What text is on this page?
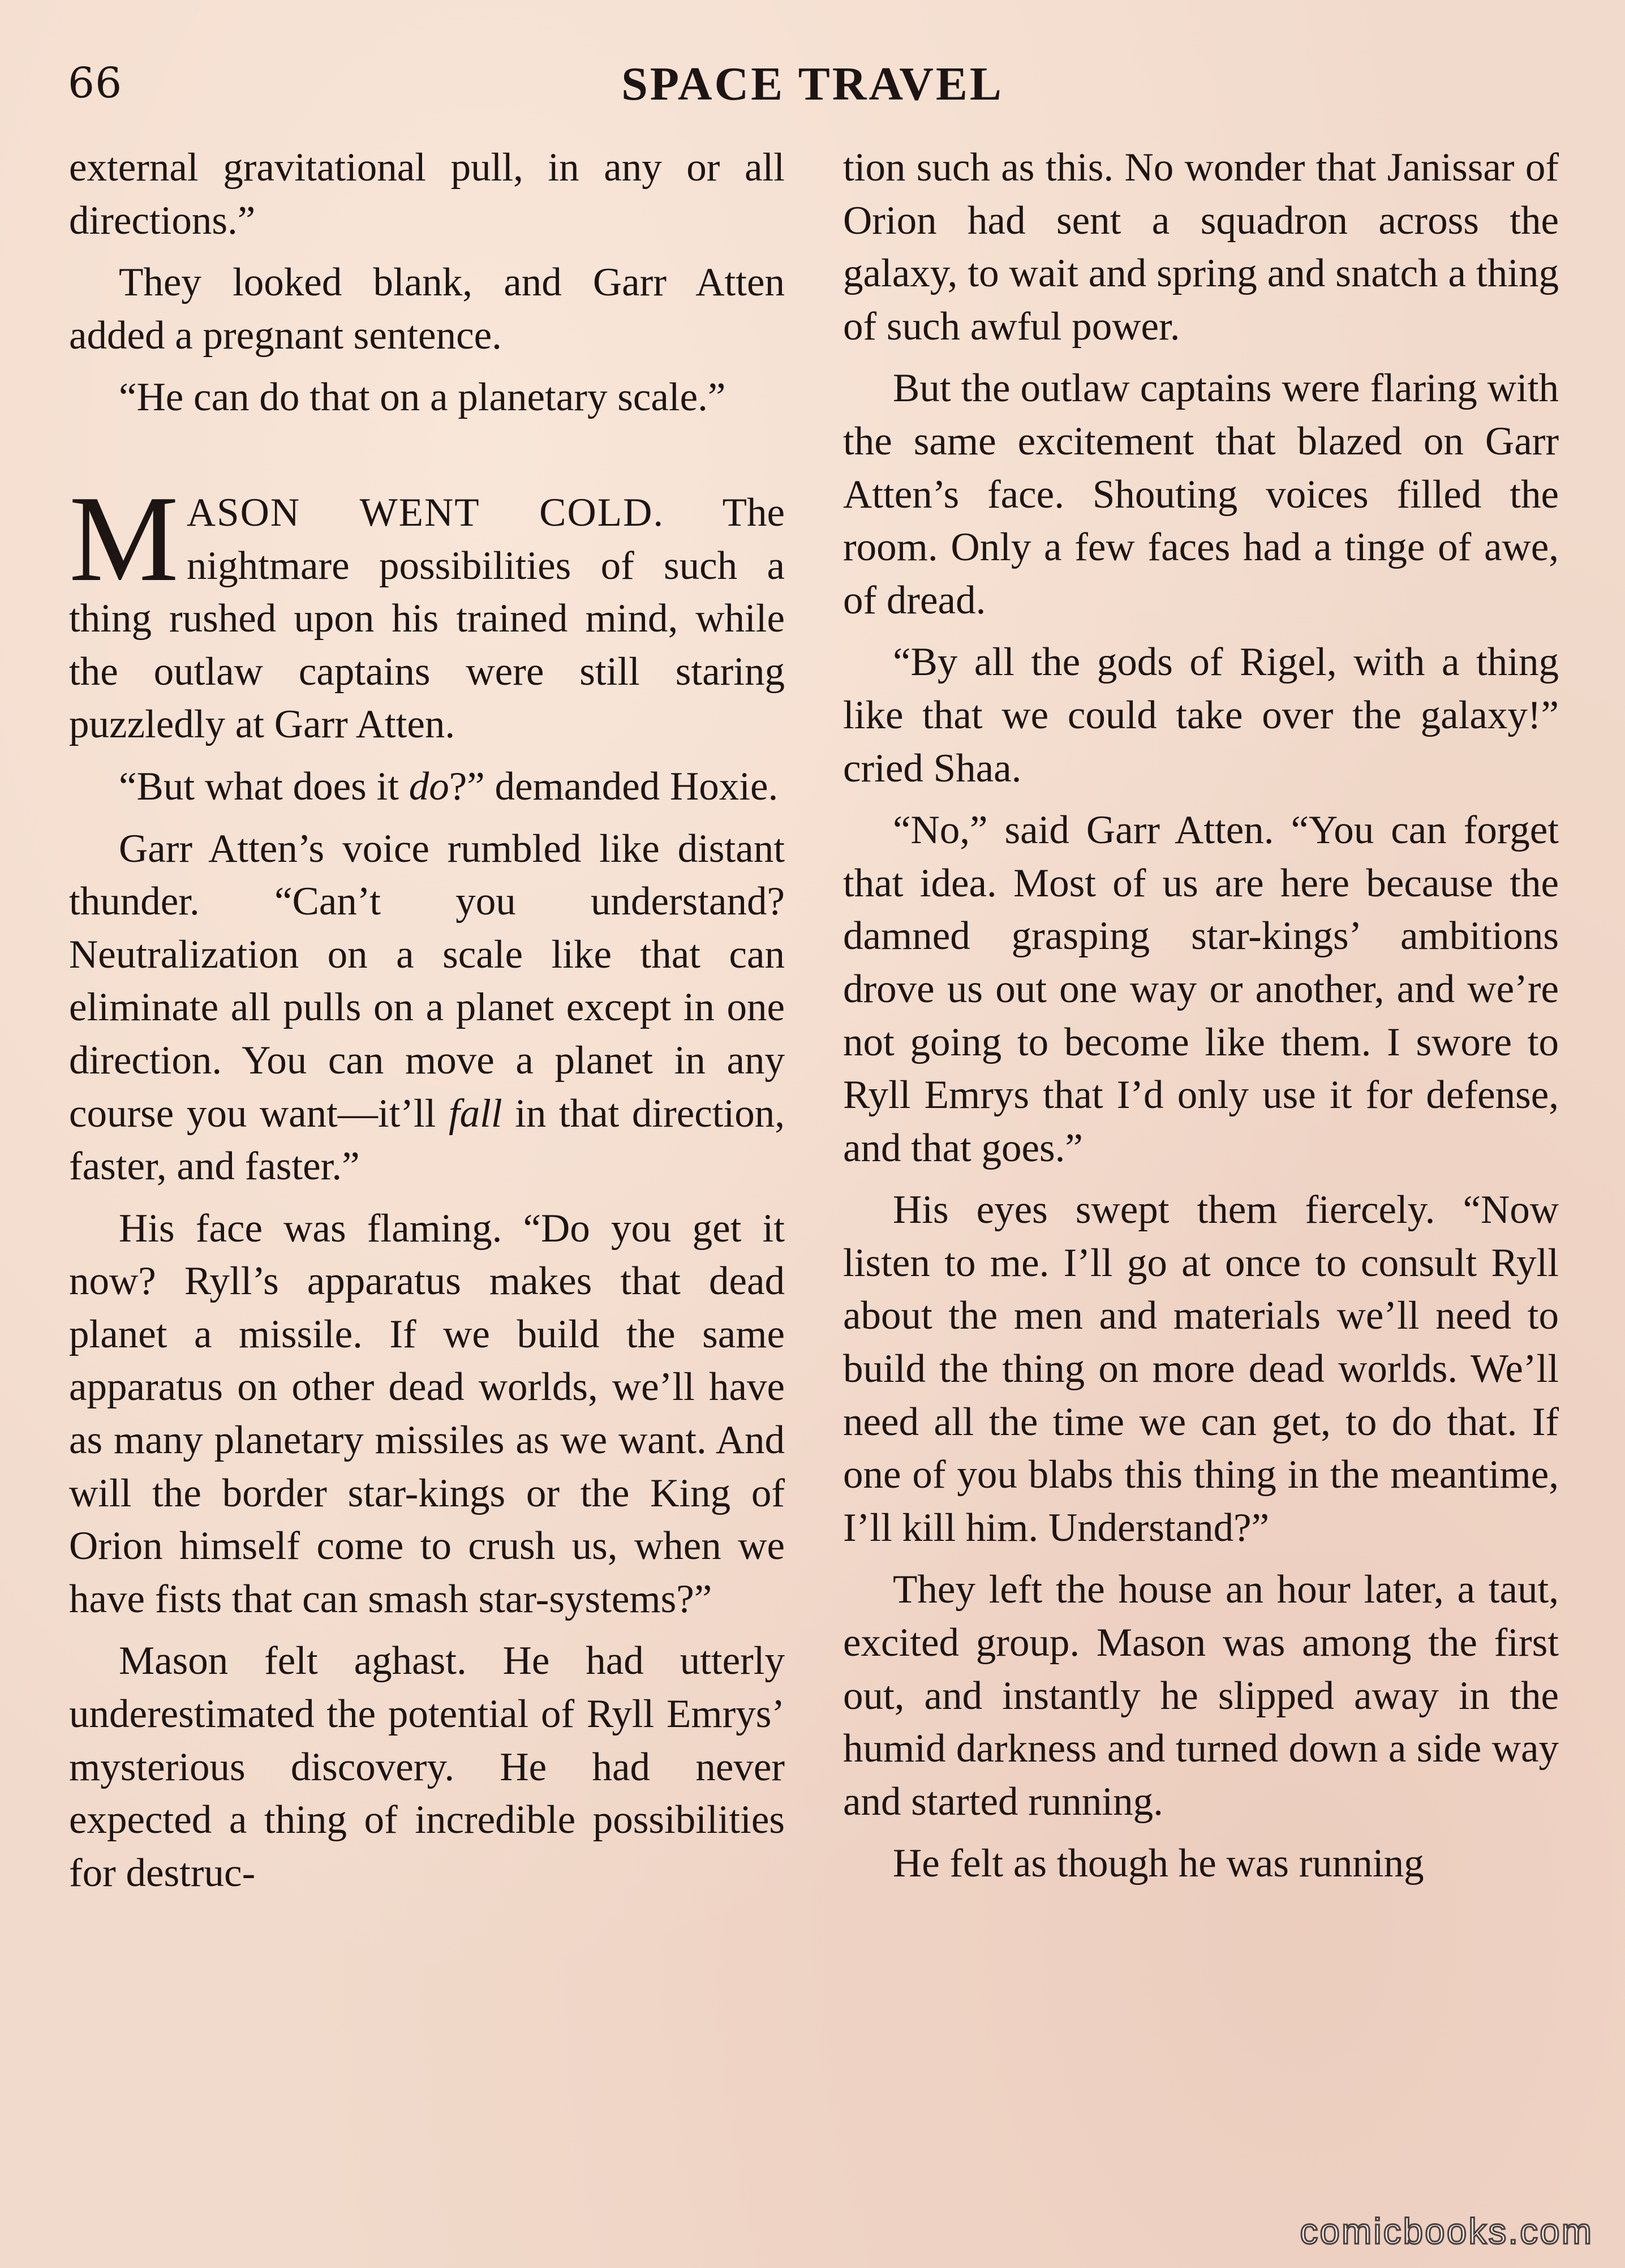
66	SPACE TRAVEL

external gravitational pull, in any or all directions.”

They looked blank, and Garr Atten added a pregnant sentence.

“He can do that on a planetary scale.”

MASON WENT COLD. The nightmare possibilities of such a thing rushed upon his trained mind, while the outlaw captains were still staring puzzledly at Garr Atten.

“But what does it do?” demanded Hoxie.

Garr Atten’s voice rumbled like distant thunder. “Can’t you understand? Neutralization on a scale like that can eliminate all pulls on a planet except in one direction. You can move a planet in any course you want—it’ll fall in that direction, faster, and faster.”

His face was flaming. “Do you get it now? Ryll’s apparatus makes that dead planet a missile. If we build the same apparatus on other dead worlds, we’ll have as many planetary missiles as we want. And will the border star-kings or the King of Orion himself come to crush us, when we have fists that can smash star-systems?”

Mason felt aghast. He had utterly underestimated the potential of Ryll Emrys’ mysterious discovery. He had never expected a thing of incredible possibilities for destruc-

tion such as this. No wonder that Janissar of Orion had sent a squadron across the galaxy, to wait and spring and snatch a thing of such awful power.

But the outlaw captains were flaring with the same excitement that blazed on Garr Atten’s face. Shouting voices filled the room. Only a few faces had a tinge of awe, of dread.

“By all the gods of Rigel, with a thing like that we could take over the galaxy!” cried Shaa.

“No,” said Garr Atten. “You can forget that idea. Most of us are here because the damned grasping star-kings’ ambitions drove us out one way or another, and we’re not going to become like them. I swore to Ryll Emrys that I’d only use it for defense, and that goes.”

His eyes swept them fiercely. “Now listen to me. I’ll go at once to consult Ryll about the men and materials we’ll need to build the thing on more dead worlds. We’ll need all the time we can get, to do that. If one of you blabs this thing in the meantime, I’ll kill him. Understand?”

They left the house an hour later, a taut, excited group. Mason was among the first out, and instantly he slipped away in the humid darkness and turned down a side way and started running.

He felt as though he was running

comicbooks.com
